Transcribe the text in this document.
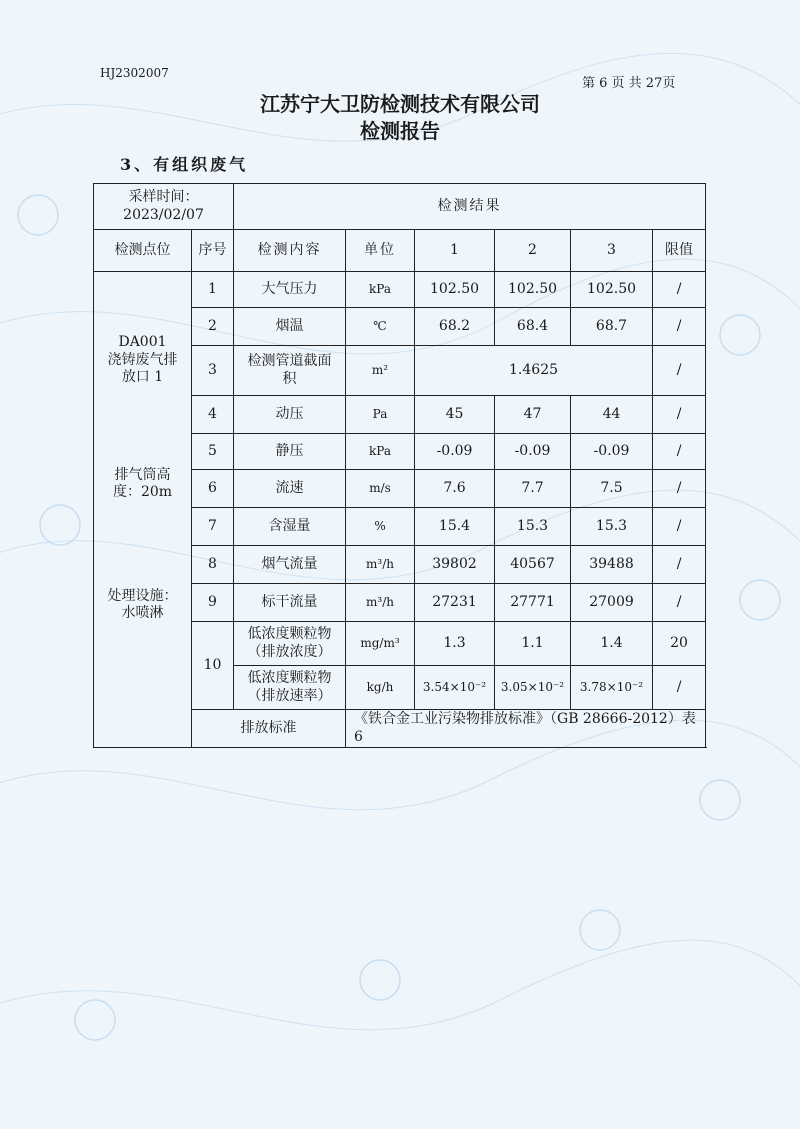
HJ2302007
第 6 页 共 27页
江苏宁大卫防检测技术有限公司
检测报告
3、有组织废气
采样时间：
2023/02/07		检测结果					
检测点位	序号	检测内容	单位	1	2	3	限值

DA001
浇铸废气排放口 1
排气筒高度：20m
处理设施：水喷淋	1	大气压力	kPa	102.50	102.50	102.50	/
	2	烟温	℃	68.2	68.4	68.7	/
	3	检测管道截面积	m²	1.4625			/
	4	动压	Pa	45	47	44	/
	5	静压	kPa	-0.09	-0.09	-0.09	/
	6	流速	m/s	7.6	7.7	7.5	/
	7	含湿量	%	15.4	15.3	15.3	/
	8	烟气流量	m³/h	39802	40567	39488	/
	9	标干流量	m³/h	27231	27771	27009	/
	10	低浓度颗粒物（排放浓度）	mg/m³	1.3	1.1	1.4	20
		低浓度颗粒物（排放速率）	kg/h	3.54×10⁻²	3.05×10⁻²	3.78×10⁻²	/
	排放标准		《铁合金工业污染物排放标准》（GB 28666-2012）表 6				
